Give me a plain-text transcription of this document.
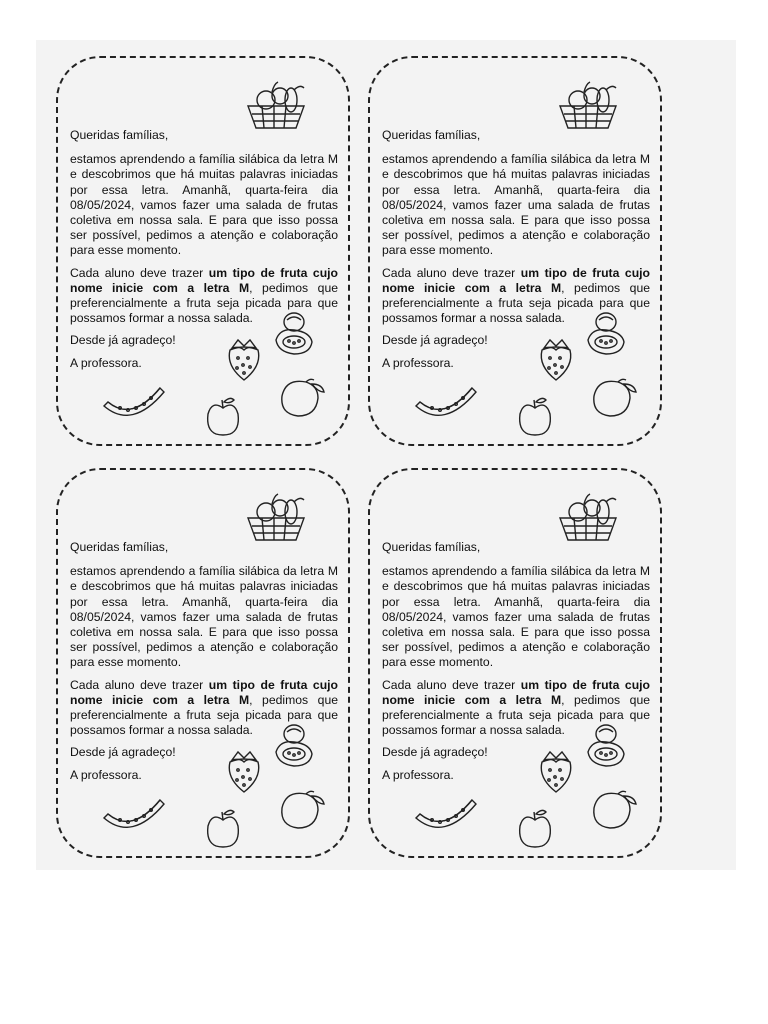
Queridas famílias,

estamos aprendendo a família silábica da letra M e descobrimos que há muitas palavras iniciadas por essa letra. Amanhã, quarta-feira dia 08/05/2024, vamos fazer uma salada de frutas coletiva em nossa sala. E para que isso possa ser possível, pedimos a atenção e colaboração para esse momento.

Cada aluno deve trazer um tipo de fruta cujo nome inicie com a letra M, pedimos que preferencialmente a fruta seja picada para que possamos formar a nossa salada.

Desde já agradeço!

A professora.

Queridas famílias,

estamos aprendendo a família silábica da letra M e descobrimos que há muitas palavras iniciadas por essa letra. Amanhã, quarta-feira dia 08/05/2024, vamos fazer uma salada de frutas coletiva em nossa sala. E para que isso possa ser possível, pedimos a atenção e colaboração para esse momento.

Cada aluno deve trazer um tipo de fruta cujo nome inicie com a letra M, pedimos que preferencialmente a fruta seja picada para que possamos formar a nossa salada.

Desde já agradeço!

A professora.

Queridas famílias,

estamos aprendendo a família silábica da letra M e descobrimos que há muitas palavras iniciadas por essa letra. Amanhã, quarta-feira dia 08/05/2024, vamos fazer uma salada de frutas coletiva em nossa sala. E para que isso possa ser possível, pedimos a atenção e colaboração para esse momento.

Cada aluno deve trazer um tipo de fruta cujo nome inicie com a letra M, pedimos que preferencialmente a fruta seja picada para que possamos formar a nossa salada.

Desde já agradeço!

A professora.

Queridas famílias,

estamos aprendendo a família silábica da letra M e descobrimos que há muitas palavras iniciadas por essa letra. Amanhã, quarta-feira dia 08/05/2024, vamos fazer uma salada de frutas coletiva em nossa sala. E para que isso possa ser possível, pedimos a atenção e colaboração para esse momento.

Cada aluno deve trazer um tipo de fruta cujo nome inicie com a letra M, pedimos que preferencialmente a fruta seja picada para que possamos formar a nossa salada.

Desde já agradeço!

A professora.
